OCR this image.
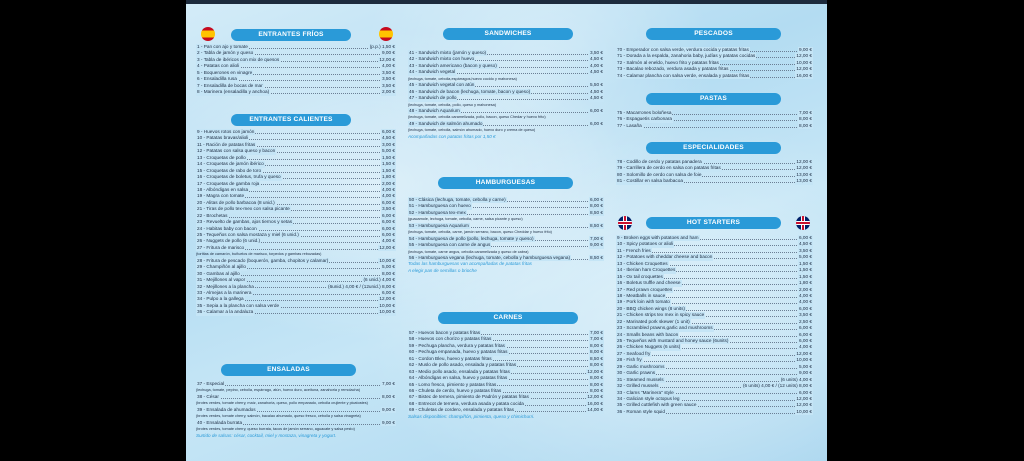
ENTRANTES FRÍOS
1 - Pan con ajo y tomate	(p.p.) 1,50 €
2 - Tabla de jamón y queso	9,00 €
3 - Tabla de ibéricos con mix de quesos	12,00 €
4 - Patatas con alioli	4,00 €
5 - Boquerones en vinagre	3,50 €
6 - Ensaladilla rusa	3,50 €
7 - Ensaladilla de bocas de mar	3,50 €
8 - Marinera (ensaladilla y anchoa)	2,00 €
ENTRANTES CALIENTES
9 - Huevos rotos con jamón	6,00 €
10 - Patatas bravas/alioli	4,50 €
11 - Ración de patatas fritas	3,00 €
12 - Patatas con salsa queso y bacon	5,00 €
13 - Croquetas de pollo	1,50 €
14 - Croquetas de jamón ibérico	1,50 €
15 - Croquetas de rabo de toro	1,50 €
16 - Croquetas de boletus, trufa y queso	1,80 €
17 - Croquetas de gamba roja	2,00 €
18 - Albóndigas en salsa	4,00 €
19 - Magra con tomate	4,00 €
20 - Alitas de pollo barbacoa (8 unid.)	6,00 €
21 - Tiras de pollo tex-mex con salsa picante	3,50 €
22 - Brochetas	6,00 €
23 - Revuelto de gambas, ajos tiernos y setas	6,00 €
24 - Habitas baby con bacon	6,00 €
25 - Tequeños con salsa mostaza y miel (6 unid.)	6,00 €
26 - Nuggets de pollo (6 unid.)	4,00 €
27 - Fritura de marisco	12,00 €
(tortitas de camarón, buñuelos de marisco, torpedos y gambas rebozadas)
28 - Fritura de pescado (boquerón, gamba, chopitos y calamar)	10,00 €
29 - Champiñón al ajillo	5,00 €
30 - Gambas al ajillo	8,00 €
31 - Mejillones al vapor	(6 unid.) 4,00 €
32 - Mejillones a la plancha	(6unid.) 4,00 € / (12unid.) 8,00 €
33 - Almejas a la marinera	6,00 €
34 - Pulpo a la gallega	12,00 €
35 - Sepia a la plancha con salsa verde	10,00 €
36 - Calamar a la andaluza	10,00 €
ENSALADAS
37 - Especial	7,00 €
(lechuga, tomate, pepino, cebolla, espárrago, atún, huevo duro, aceituna, zanahoria y remolacha)
38 - César	8,00 €
(brotes verdes, tomate cherry, maíz, zanahoria, queso, pollo empanado, cebolla crujiente y picatostes)
39 - Ensalada de ahumados	9,00 €
(brotes verdes, tomate cherry, salmón, bacalao ahumado, queso fresco, cebolla y salsa vinagreta)
40 - Ensalada burrata	9,00 €
(brotes verdes, tomate cherry, queso burrata, tacos de jamón serrano, aguacate y salsa pesto)
Surtido de salsas: césar, cocktail, miel y mostaza, vinagreta y yogurt.
SANDWICHES
41 - Sandwich mixto (jamón y queso)	3,50 €
42 - Sandwich mixto con huevo	4,50 €
43 - Sandwich americano (bacon y queso)	4,00 €
44 - Sandwich vegetal	4,50 €
(lechuga, tomate, cebolla,espárragos,huevo cocido y mahonesa)
45 - Sandwich vegetal con atún	5,50 €
46 - Sandwich de bacon (lechuga, tomate, bacon y queso)	4,50 €
47 - Sandwich de pollo	4,50 €
(lechuga, tomate, cebolla, pollo, queso y mahonesa)
48 - Sandwich Aquarium	6,00 €
(lechuga, tomate, cebolla caramelizada, pollo, bacon, queso Chedar y huevo frito)
49 - Sandwich de salmón ahumado	6,00 €
(lechuga, tomate, cebolla, salmón ahumado, huevo duro y crema de queso)
Acompañadas con patatas fritas por 1,50 €
HAMBURGUESAS
50 - Clásica (lechuga, tomate, cebolla y carne)	6,00 €
51 - Hamburguesa con huevo	8,00 €
52 - Hamburguesa tex-mex	8,50 €
(guacamole, lechuga, tomate, cebolla, carne, salsa picante y queso)
53 - Hamburguesa Aquarium	8,50 €
(lechuga, tomate, cebolla, carne, jamón serrano, bacon, queso Cheddar y huevo frito)
54 - Hamburguesa de pollo (pollo, lechuga, tomate y queso)	7,00 €
55 - Hamburguesa con carne de angus	9,00 €
(lechuga, tomate, carne angus, cebolla caramelizada y queso de cabra)
56 - Hamburguesa vegana (lechuga, tomate, cebolla y hamburguesa vegana)	8,50 €
Todas las hamburguesas van acompañadas de patatas fritas
A elegir pan de semillas o brioche
CARNES
57 - Huevos bacon y patatas fritas	7,00 €
58 - Huevos con chorizo y patatas fritas	7,00 €
59 - Pechuga plancha, verdura y patatas fritas	8,00 €
60 - Pechuga empanada, huevo y patatas fritas	8,00 €
61 - Cordon Bleu, huevo y patatas fritas	8,50 €
62 - Muslo de pollo asado, ensalada y patatas fritas	8,00 €
63 - Medio pollo asado, ensalada y patatas fritas	12,00 €
64 - Albóndigas en salsa, huevo y patatas fritas	8,00 €
65 - Lomo fresco, pimiento y patatas fritas	8,00 €
66 - Chuleta de cerdo, huevo y patatas fritas	8,00 €
67 - Bistec de ternera, pimiento de Padrón y patatas fritas	12,00 €
68 - Entrecot de ternera, verdura asada y patata cocida	16,00 €
69 - Chuletas de cordero, ensalada y patatas fritas	14,00 €
Salsas disponibles: champiñón, pimienta, queso y chimichurri.
PESCADOS
70 - Emperador con salsa verde, verdura cocida y patatas fritas	9,00 €
71 - Dorada a la espalda, zanahoria baby, judías y patatas cocidas	12,00 €
72 - Salmón al eneldo, huevo frito y patatas fritas	10,00 €
73 - Bacalao rebozado, verdura asada y patatas fritas	12,00 €
74 - Calamar plancha con salsa verde, ensalada y patatas fritas	16,00 €
PASTAS
75 - Macarrones boloñesa	7,00 €
76 - Espaguetis carbonara	8,00 €
77 - Lasaña	8,00 €
ESPECIALIDADES
78 - Codillo de cerdo y patatas panadera	12,00 €
79 - Carrillera de cerdo en salsa con patatas fritas	12,00 €
80 - Solomillo de cerdo con salsa de foie	13,00 €
81 - Costillar en salsa barbacoa	13,00 €
HOT STARTERS
9 - Broken eggs with potatoes and ham	6,00 €
10 - Spicy potatoes or alioli	4,50 €
11 - French fries	3,50 €
12 - Potatoes with cheddar cheese and bacon	5,00 €
13 - Chicken Croquettes	1,50 €
14 - Iberian ham Croquettes	1,50 €
15 - Ox tail croquettes	1,50 €
16 - Boletus truffle and cheese	1,80 €
17 - Red prawn croquettes	2,00 €
18 - Meatballs in sauce	4,00 €
19 - Pork loin with tomato	4,00 €
20 - BBQ chicken wings (8 units)	6,00 €
21 - Chicken strips tex mex in spicy sauce	3,50 €
22 - Marinated pork skewer (1 unit)	2,50 €
23 - Scrambled prawns,garlic and mushrooms	6,00 €
24 - Smalls beans with bacon	6,00 €
25 - Tequeños with mustard and honey sauce (6units)	6,00 €
26 - Chicken Nuggets (6 units)	4,00 €
27 - Seafood fry	12,00 €
28 - Fish fry	10,00 €
29 - Garlic mushrooms	5,00 €
30 - Garlic prawns	9,00 €
31 - Steamed mussels	(6 units) 4,00 €
32 - Grilled mussels	(6 units) 4,00 € / (12 units) 8,00 €
33 - Clams "Marinera" style	6,00 €
34 - Galician style octopus leg	12,00 €
35 - Grilled cuttlefish with green sauce	12,00 €
36 - Roman style squid	10,00 €
